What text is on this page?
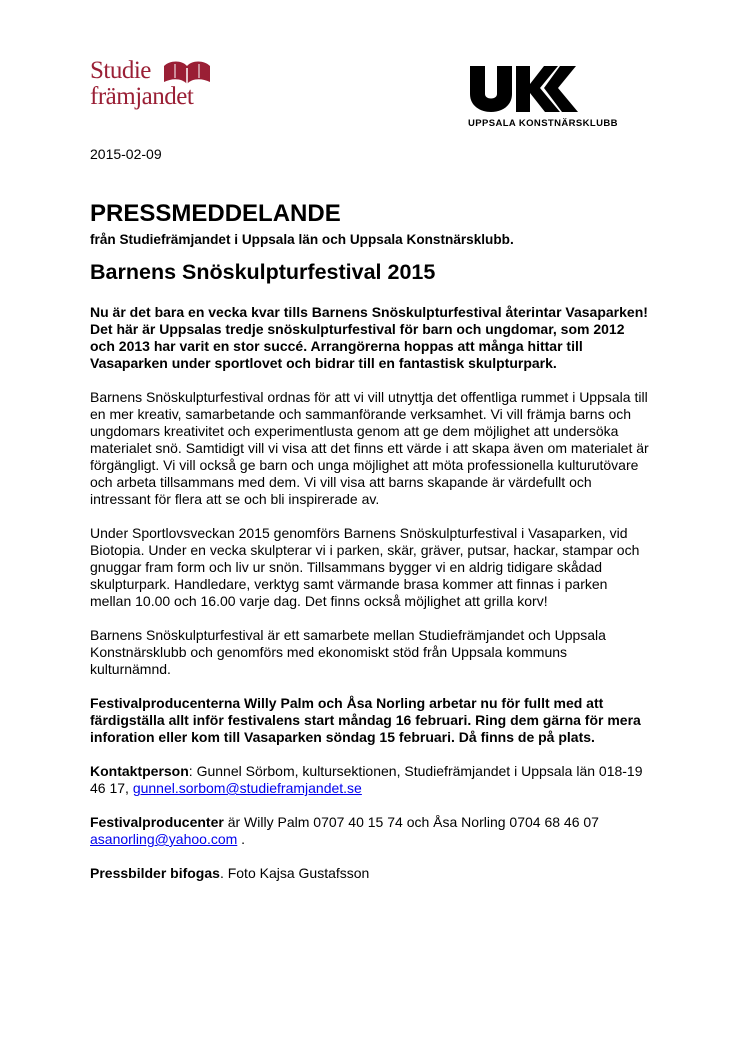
Studie
främjandet
UPPSALA KONSTNÄRSKLUBB
2015-02-09
PRESSMEDDELANDE
från Studiefrämjandet i Uppsala län och Uppsala Konstnärsklubb.
Barnens Snöskulpturfestival 2015

Nu är det bara en vecka kvar tills Barnens Snöskulpturfestival återintar Vasaparken! Det här är Uppsalas tredje snöskulpturfestival för barn och ungdomar, som 2012 och 2013 har varit en stor succé. Arrangörerna hoppas att många hittar till Vasaparken under sportlovet och bidrar till en fantastisk skulpturpark.

Barnens Snöskulpturfestival ordnas för att vi vill utnyttja det offentliga rummet i Uppsala till en mer kreativ, samarbetande och sammanförande verksamhet. Vi vill främja barns och ungdomars kreativitet och experimentlusta genom att ge dem möjlighet att undersöka materialet snö. Samtidigt vill vi visa att det finns ett värde i att skapa även om materialet är förgängligt. Vi vill också ge barn och unga möjlighet att möta professionella kulturutövare och arbeta tillsammans med dem. Vi vill visa att barns skapande är värdefullt och intressant för flera att se och bli inspirerade av.

Under Sportlovsveckan 2015 genomförs Barnens Snöskulpturfestival i Vasaparken, vid Biotopia. Under en vecka skulpterar vi i parken, skär, gräver, putsar, hackar, stampar och gnuggar fram form och liv ur snön. Tillsammans bygger vi en aldrig tidigare skådad skulpturpark. Handledare, verktyg samt värmande brasa kommer att finnas i parken mellan 10.00 och 16.00 varje dag. Det finns också möjlighet att grilla korv!

Barnens Snöskulpturfestival är ett samarbete mellan Studiefrämjandet och Uppsala Konstnärsklubb och genomförs med ekonomiskt stöd från Uppsala kommuns kulturnämnd.

Festivalproducenterna Willy Palm och Åsa Norling arbetar nu för fullt med att färdigställa allt inför festivalens start måndag 16 februari. Ring dem gärna för mera inforation eller kom till Vasaparken söndag 15 februari. Då finns de på plats.

Kontaktperson: Gunnel Sörbom, kultursektionen, Studiefrämjandet i Uppsala län 018-19 46 17, gunnel.sorbom@studieframjandet.se

Festivalproducenter är Willy Palm 0707 40 15 74 och Åsa Norling 0704 68 46 07 asanorling@yahoo.com .

Pressbilder bifogas. Foto Kajsa Gustafsson
